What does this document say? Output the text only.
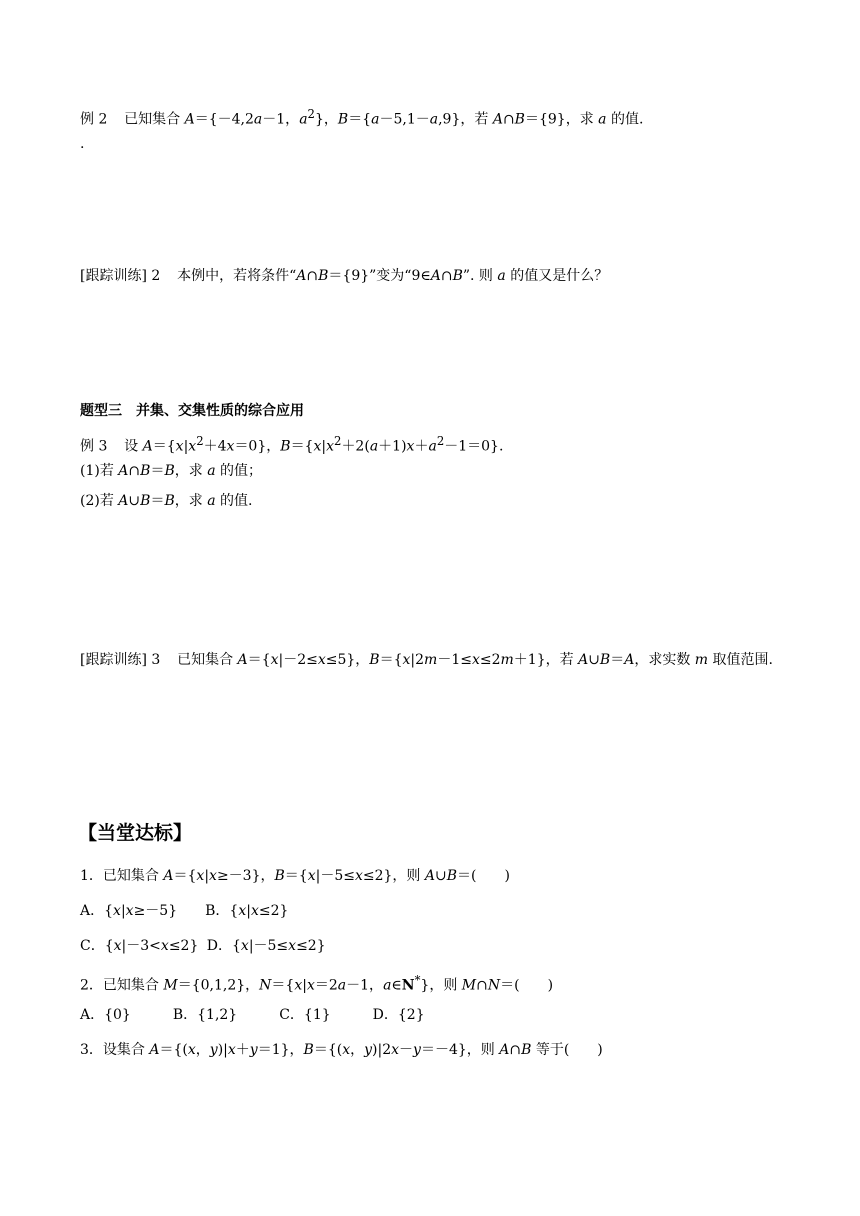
例 2 已知集合 A＝{－4,2a－1，$a^2$}，B＝{a－5,1－a,9}，若 A∩B＝{9}，求 a 的值.
.
[跟踪训练] 2 本例中，若将条件“A∩B＝{9}”变为“9∈A∩B”. 则 a 的值又是什么？
题型三　并集、交集性质的综合应用
例 3 设 $A=\{x|x^2+4x=0\}$，$B=\{x|x^2+2(a+1)x+a^2-1=0\}$.
(1)若 A∩B＝B，求 a 的值；
(2)若 A∪B＝B，求 a 的值.
[跟踪训练] 3 已知集合 A＝{x|－2≤x≤5}，B＝{x|2m－1≤x≤2m＋1}，若 A∪B＝A，求实数 m 取值范围.
【当堂达标】
1．已知集合 A＝{x|x≥－3}，B＝{x|－5≤x≤2}，则 A∪B＝(　　)
A．{x|x≥－5} B．{x|x≤2}
C．{x|－3<x≤2} D．{x|－5≤x≤2}
2．已知集合 M＝{0,1,2}，N＝{x|x＝2a－1，a∈N*}，则 M∩N＝(　　)
A．{0}	B．{1,2}	C．{1}	D．{2}
3．设集合 A＝{(x，y)|x＋y＝1}，B＝{(x，y)|2x－y＝－4}，则 A∩B 等于(　　)
